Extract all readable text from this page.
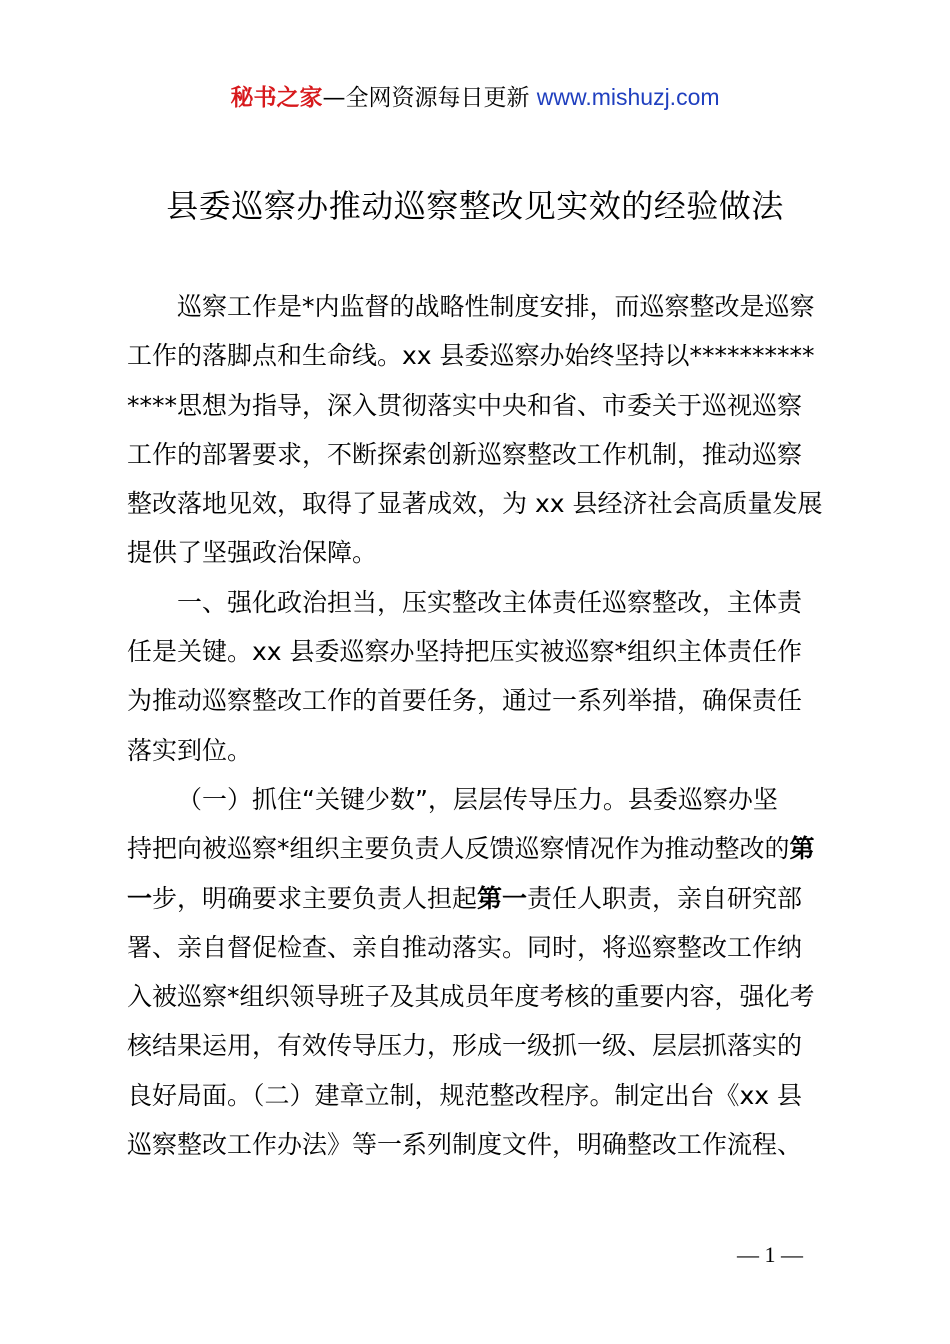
秘书之家—全网资源每日更新 www.mishuzj.com
县委巡察办推动巡察整改见实效的经验做法
巡察工作是*内监督的战略性制度安排，而巡察整改是巡察
工作的落脚点和生命线。xx 县委巡察办始终坚持以**********
****思想为指导，深入贯彻落实中央和省、市委关于巡视巡察
工作的部署要求，不断探索创新巡察整改工作机制，推动巡察
整改落地见效，取得了显著成效，为 xx 县经济社会高质量发展
提供了坚强政治保障。
一、强化政治担当，压实整改主体责任巡察整改，主体责
任是关键。xx 县委巡察办坚持把压实被巡察*组织主体责任作
为推动巡察整改工作的首要任务，通过一系列举措，确保责任
落实到位。
（一）抓住“关键少数”，层层传导压力。县委巡察办坚
持把向被巡察*组织主要负责人反馈巡察情况作为推动整改的第
一步，明确要求主要负责人担起第一责任人职责，亲自研究部
署、亲自督促检查、亲自推动落实。同时，将巡察整改工作纳
入被巡察*组织领导班子及其成员年度考核的重要内容，强化考
核结果运用，有效传导压力，形成一级抓一级、层层抓落实的
良好局面。（二）建章立制，规范整改程序。制定出台《xx 县
巡察整改工作办法》等一系列制度文件，明确整改工作流程、
— 1 —
